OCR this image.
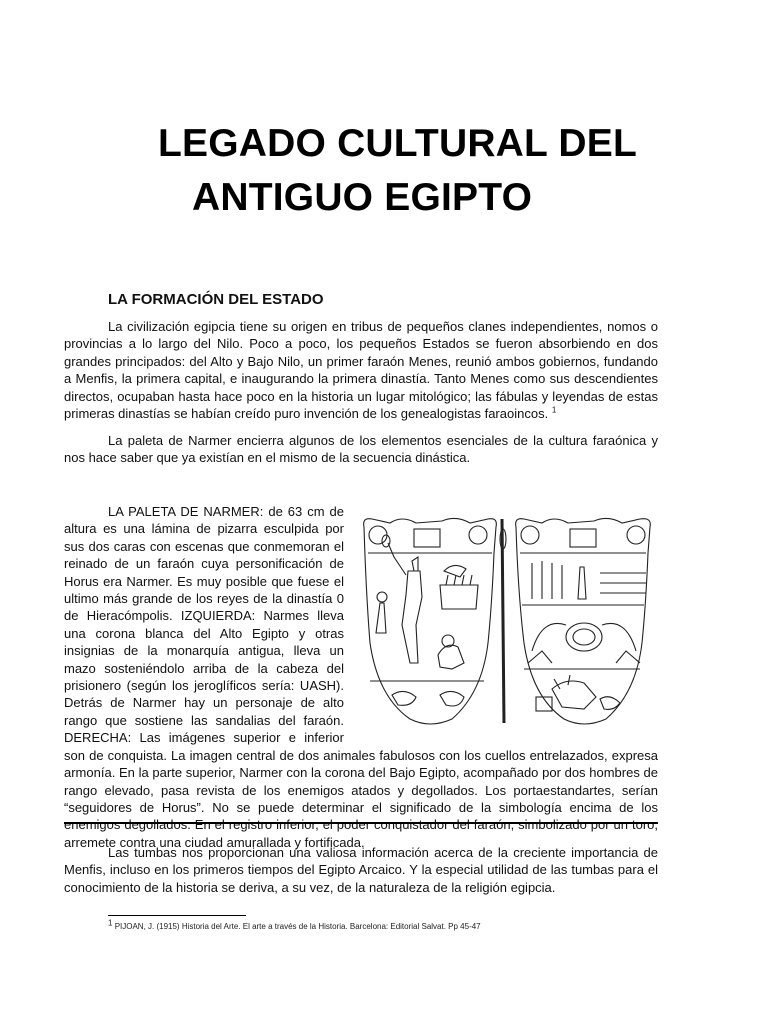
LEGADO CULTURAL DEL
ANTIGUO EGIPTO
LA FORMACIÓN DEL ESTADO

La civilización egipcia tiene su origen en tribus de pequeños clanes independientes, nomos o provincias a lo largo del Nilo. Poco a poco, los pequeños Estados se fueron absorbiendo en dos grandes principados: del Alto y Bajo Nilo, un primer faraón Menes, reunió ambos gobiernos, fundando a Menfis, la primera capital, e inaugurando la primera dinastía. Tanto Menes como sus descendientes directos, ocupaban hasta hace poco en la historia un lugar mitológico; las fábulas y leyendas de estas primeras dinastías se habían creído puro invención de los genealogistas faraoincos. $^1$

La paleta de Narmer encierra algunos de los elementos esenciales de la cultura faraónica y nos hace saber que ya existían en el mismo de la secuencia dinástica.

LA PALETA DE NARMER: de 63 cm de altura es una lámina de pizarra esculpida por sus dos caras con escenas que conmemoran el reinado de un faraón cuya personificación de Horus era Narmer. Es muy posible que fuese el ultimo más grande de los reyes de la dinastía 0 de Hieracómpolis. IZQUIERDA: Narmes lleva una corona blanca del Alto Egipto y otras insignias de la monarquía antigua, lleva un mazo sosteniéndolo arriba de la cabeza del prisionero (según los jeroglíficos sería: UASH). Detrás de Narmer hay un personaje de alto rango que sostiene las sandalias del faraón. DERECHA: Las imágenes superior e inferior son de conquista. La imagen central de dos animales fabulosos con los cuellos entrelazados, expresa armonía. En la parte superior, Narmer con la corona del Bajo Egipto, acompañado por dos hombres de rango elevado, pasa revista de los enemigos atados y degollados. Los portaestandartes, serían “seguidores de Horus”. No se puede determinar el significado de la simbología encima de los enemigos degollados. En el registro inferior, el poder conquistador del faraón, simbolizado por un toro, arremete contra una ciudad amurallada y fortificada.

Las tumbas nos proporcionan una valiosa información acerca de la creciente importancia de Menfis, incluso en los primeros tiempos del Egipto Arcaico. Y la especial utilidad de las tumbas para el conocimiento de la historia se deriva, a su vez, de la naturaleza de la religión egipcia.

$^1$ PIJOAN, J. (1915) Historia del Arte. El arte a través de la Historia. Barcelona: Editorial Salvat. Pp 45-47
